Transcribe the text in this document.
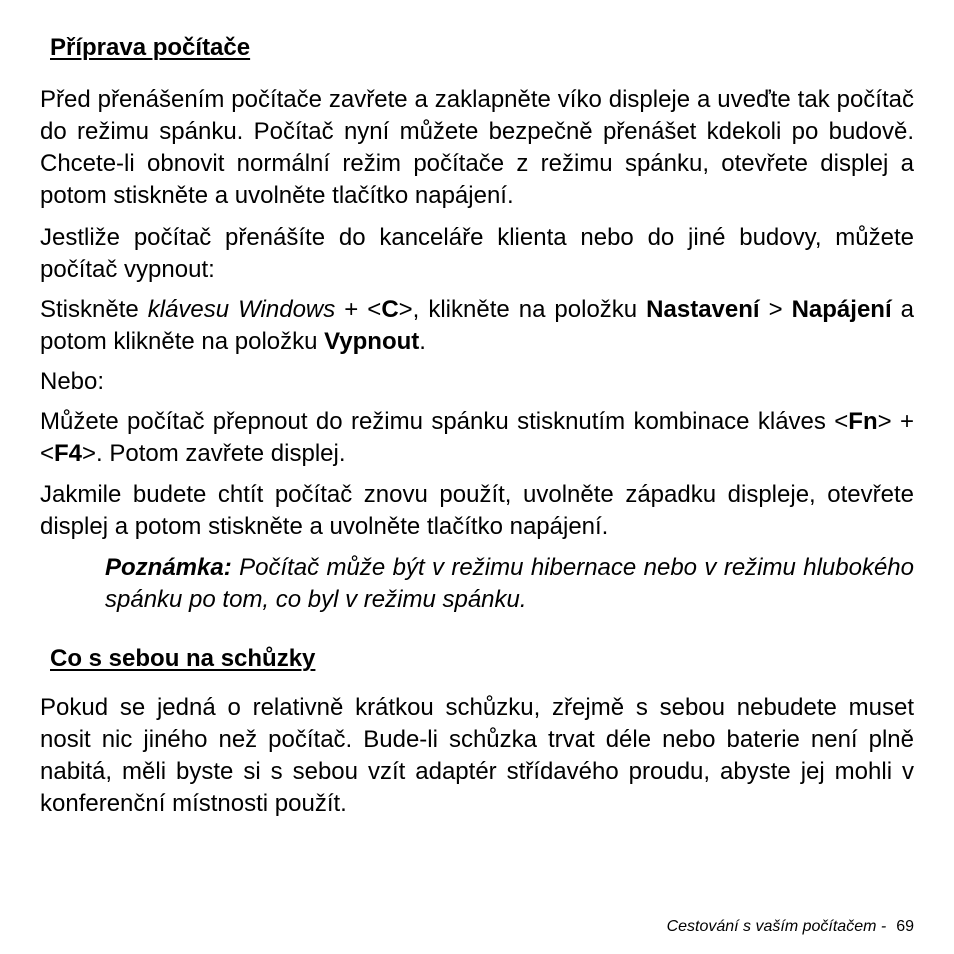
Příprava počítače

Před přenášením počítače zavřete a zaklapněte víko displeje a uveďte tak počítač do režimu spánku. Počítač nyní můžete bezpečně přenášet kdekoli po budově. Chcete-li obnovit normální režim počítače z režimu spánku, otevřete displej a potom stiskněte a uvolněte tlačítko napájení.

Jestliže počítač přenášíte do kanceláře klienta nebo do jiné budovy, můžete počítač vypnout:

Stiskněte klávesu Windows + <C>, klikněte na položku Nastavení > Napájení a potom klikněte na položku Vypnout.

Nebo:

Můžete počítač přepnout do režimu spánku stisknutím kombinace kláves <Fn> + <F4>. Potom zavřete displej.

Jakmile budete chtít počítač znovu použít, uvolněte západku displeje, otevřete displej a potom stiskněte a uvolněte tlačítko napájení.

Poznámka: Počítač může být v režimu hibernace nebo v režimu hlubokého spánku po tom, co byl v režimu spánku.

Co s sebou na schůzky

Pokud se jedná o relativně krátkou schůzku, zřejmě s sebou nebudete muset nosit nic jiného než počítač. Bude-li schůzka trvat déle nebo baterie není plně nabitá, měli byste si s sebou vzít adaptér střídavého proudu, abyste jej mohli v konferenční místnosti použít.

Cestování s vaším počítačem - 69
